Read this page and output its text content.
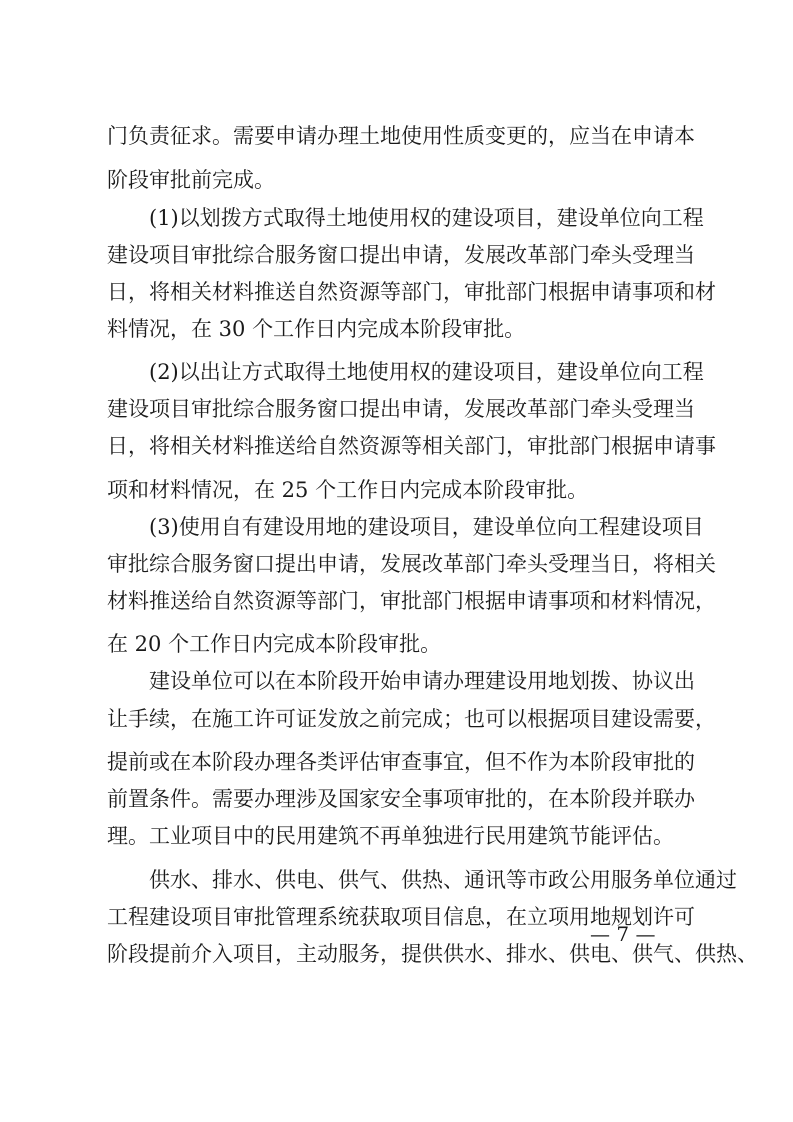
门负责征求。需要申请办理土地使用性质变更的，应当在申请本
阶段审批前完成。
(1)以划拨方式取得土地使用权的建设项目，建设单位向工程
建设项目审批综合服务窗口提出申请，发展改革部门牵头受理当
日，将相关材料推送自然资源等部门，审批部门根据申请事项和材
料情况，在 30 个工作日内完成本阶段审批。
(2)以出让方式取得土地使用权的建设项目，建设单位向工程
建设项目审批综合服务窗口提出申请，发展改革部门牵头受理当
日，将相关材料推送给自然资源等相关部门，审批部门根据申请事
项和材料情况，在 25 个工作日内完成本阶段审批。
(3)使用自有建设用地的建设项目，建设单位向工程建设项目
审批综合服务窗口提出申请，发展改革部门牵头受理当日，将相关
材料推送给自然资源等部门，审批部门根据申请事项和材料情况，
在 20 个工作日内完成本阶段审批。
建设单位可以在本阶段开始申请办理建设用地划拨、协议出
让手续，在施工许可证发放之前完成；也可以根据项目建设需要，
提前或在本阶段办理各类评估审查事宜，但不作为本阶段审批的
前置条件。需要办理涉及国家安全事项审批的，在本阶段并联办
理。工业项目中的民用建筑不再单独进行民用建筑节能评估。
供水、排水、供电、供气、供热、通讯等市政公用服务单位通过
工程建设项目审批管理系统获取项目信息，在立项用地规划许可
阶段提前介入项目，主动服务，提供供水、排水、供电、供气、供热、
— 7 —
